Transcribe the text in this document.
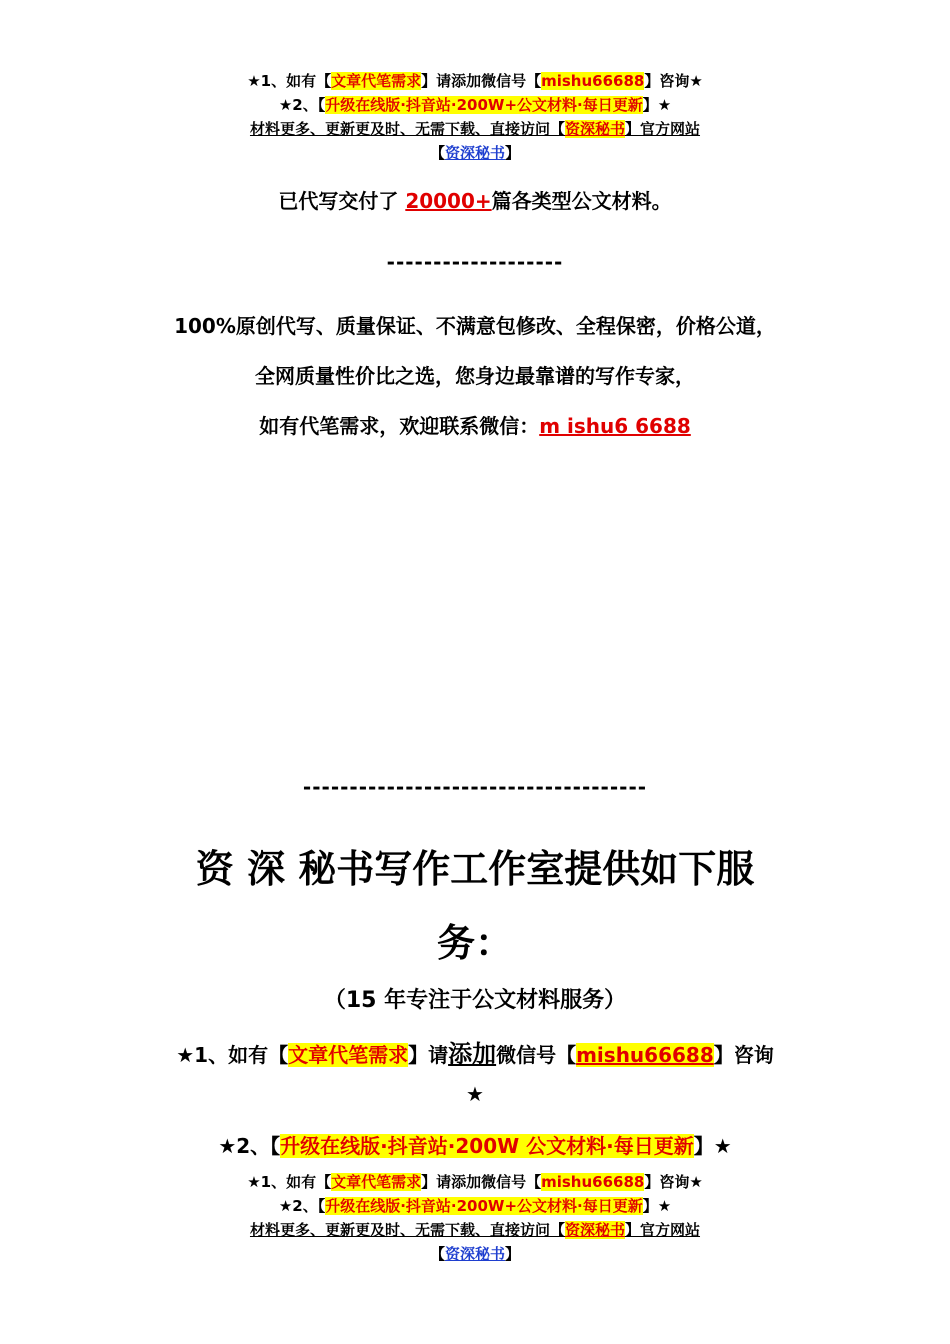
★1、如有【文章代笔需求】请添加微信号【mishu66688】咨询★
★2、【升级在线版·抖音站·200W+公文材料·每日更新】★
材料更多、更新更及时、无需下载、直接访问【资深秘书】官方网站
【资深秘书】
已代写交付了 20000+篇各类型公文材料。
-------------------
100%原创代写、质量保证、不满意包修改、全程保密，价格公道，
全网质量性价比之选，您身边最靠谱的写作专家，
如有代笔需求，欢迎联系微信：m ishu6 6688
-------------------------------------
资 深 秘书写作工作室提供如下服
务：
（15 年专注于公文材料服务）
★1、如有【文章代笔需求】请添加微信号【mishu66688】咨询
★
★2、【升级在线版·抖音站·200W 公文材料·每日更新】★
★1、如有【文章代笔需求】请添加微信号【mishu66688】咨询★
★2、【升级在线版·抖音站·200W+公文材料·每日更新】★
材料更多、更新更及时、无需下载、直接访问【资深秘书】官方网站
【资深秘书】
